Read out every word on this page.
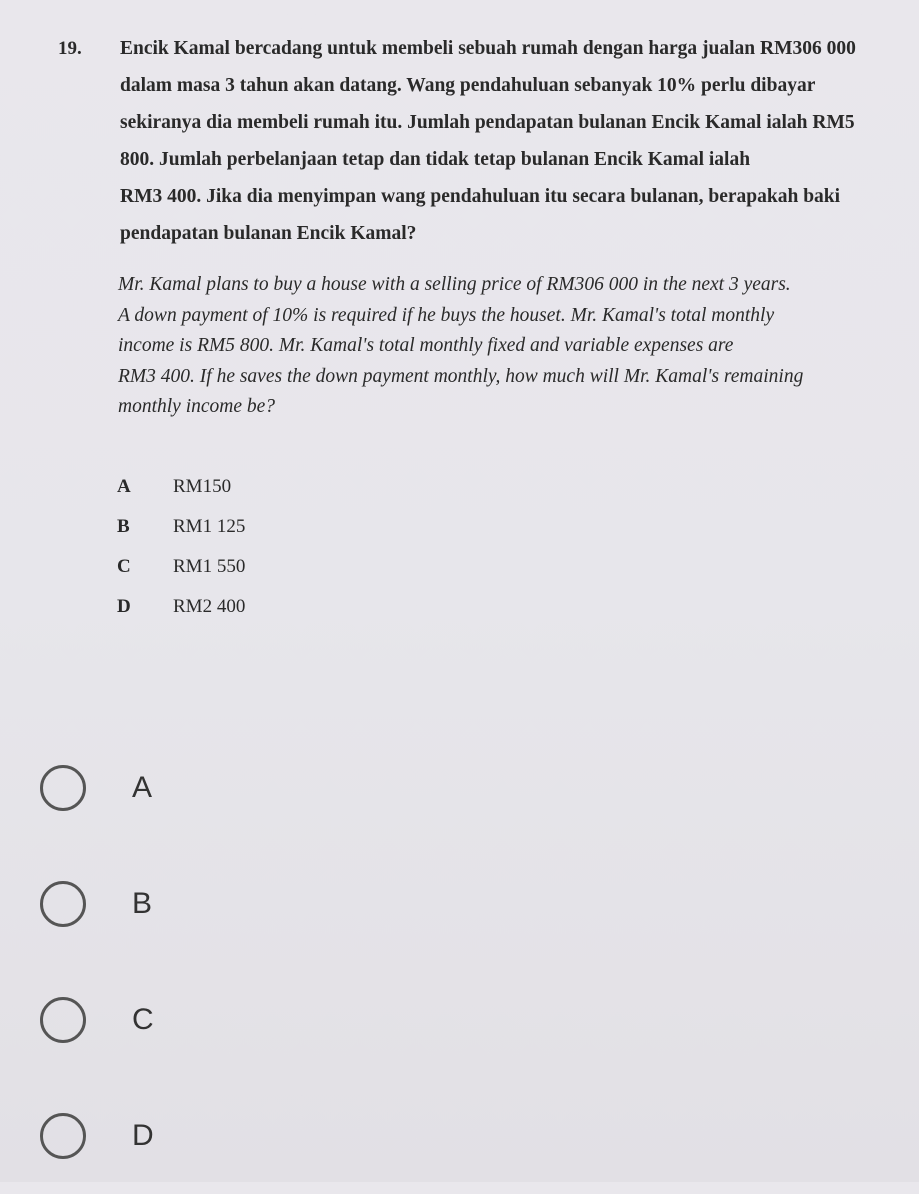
19. Encik Kamal bercadang untuk membeli sebuah rumah dengan harga jualan RM306 000
dalam masa 3 tahun akan datang. Wang pendahuluan sebanyak 10% perlu dibayar
sekiranya dia membeli rumah itu. Jumlah pendapatan bulanan Encik Kamal ialah RM5
800. Jumlah perbelanjaan tetap dan tidak tetap bulanan Encik Kamal ialah
RM3 400. Jika dia menyimpan wang pendahuluan itu secara bulanan, berapakah baki
pendapatan bulanan Encik Kamal?
Mr. Kamal plans to buy a house with a selling price of RM306 000 in the next 3 years.
A down payment of 10% is required if he buys the houset. Mr. Kamal's total monthly
income is RM5 800. Mr. Kamal's total monthly fixed and variable expenses are
RM3 400. If he saves the down payment monthly, how much will Mr. Kamal's remaining
monthly income be?
A	RM150
B	RM1 125
C	RM1 550
D	RM2 400
A
B
C
D
